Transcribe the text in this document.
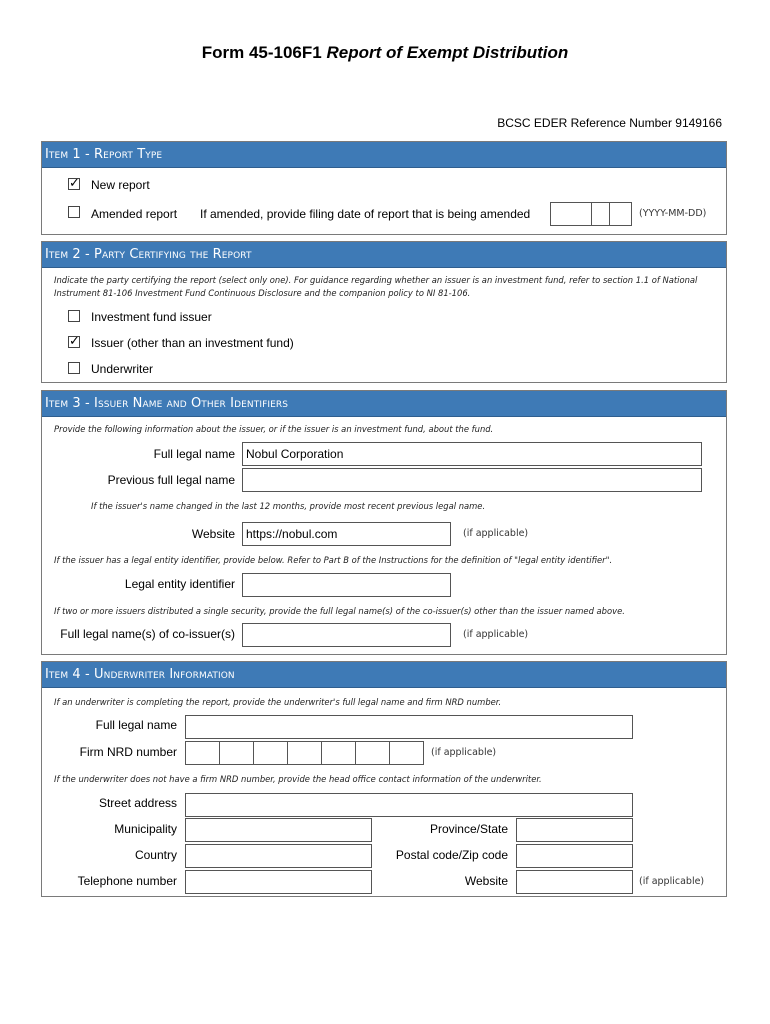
Form 45-106F1 Report of Exempt Distribution
BCSC EDER Reference Number 9149166
Item 1 - Report Type
✓ New report
Amended report If amended, provide filing date of report that is being amended	(YYYY-MM-DD)
Item 2 - Party Certifying the Report
Indicate the party certifying the report (select only one). For guidance regarding whether an issuer is an investment fund, refer to section 1.1 of National Instrument 81-106 Investment Fund Continuous Disclosure and the companion policy to NI 81-106.
Investment fund issuer
✓ Issuer (other than an investment fund)
Underwriter
Item 3 - Issuer Name and Other Identifiers
Provide the following information about the issuer, or if the issuer is an investment fund, about the fund.
Full legal name Nobul Corporation
Previous full legal name
If the issuer's name changed in the last 12 months, provide most recent previous legal name.
Website https://nobul.com	(if applicable)
If the issuer has a legal entity identifier, provide below. Refer to Part B of the Instructions for the definition of "legal entity identifier".
Legal entity identifier
If two or more issuers distributed a single security, provide the full legal name(s) of the co-issuer(s) other than the issuer named above.
Full legal name(s) of co-issuer(s)	(if applicable)
Item 4 - Underwriter Information
If an underwriter is completing the report, provide the underwriter's full legal name and firm NRD number.
Full legal name
Firm NRD number	(if applicable)
If the underwriter does not have a firm NRD number, provide the head office contact information of the underwriter.
Street address
Municipality	Province/State
Country	Postal code/Zip code
Telephone number	Website	(if applicable)
